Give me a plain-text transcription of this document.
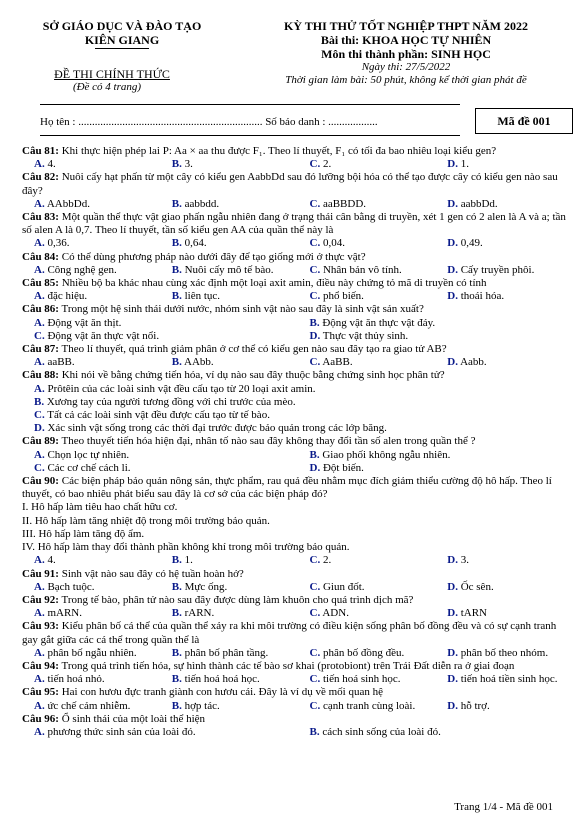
SỞ GIÁO DỤC VÀ ĐÀO TẠO
KIÊN GIANG
ĐỀ THI CHÍNH THỨC
(Đề có 4 trang)
KỲ THI THỬ TỐT NGHIỆP THPT NĂM 2022
Bài thi: KHOA HỌC TỰ NHIÊN
Môn thi thành phần: SINH HỌC
Ngày thi: 27/5/2022
Thời gian làm bài: 50 phút, không kể thời gian phát đề
Họ tên : ................................................................... Số báo danh : ..................	Mã đề 001
Câu 81: Khi thực hiện phép lai P: Aa × aa thu được F₁. Theo lí thuyết, F₁ có tối đa bao nhiêu loại kiểu gen?
A. 4.	B. 3.	C. 2.	D. 1.
Câu 82: Nuôi cấy hạt phấn từ một cây có kiểu gen AabbDd sau đó lưỡng bội hóa có thể tạo được cây có kiểu gen nào sau đây?
A. AAbbDd.	B. aabbdd.	C. aaBBDD.	D. aabbDd.
Câu 83: Một quần thể thực vật giao phấn ngẫu nhiên đang ở trạng thái cân bằng di truyền, xét 1 gen có 2 alen là A và a; tần số alen A là 0,7. Theo lí thuyết, tần số kiểu gen AA của quần thể này là
A. 0,36.	B. 0,64.	C. 0,04.	D. 0,49.
Câu 84: Có thể dùng phương pháp nào dưới đây để tạo giống mới ở thực vật?
A. Công nghệ gen.	B. Nuôi cấy mô tế bào.	C. Nhân bản vô tính.	D. Cấy truyền phôi.
Câu 85: Nhiều bộ ba khác nhau cùng xác định một loại axit amin, điều này chứng tỏ mã di truyền có tính
A. đặc hiệu.	B. liên tục.	C. phổ biến.	D. thoái hóa.
Câu 86: Trong một hệ sinh thái dưới nước, nhóm sinh vật nào sau đây là sinh vật sản xuất?
A. Động vật ăn thịt.	B. Động vật ăn thực vật đáy.
C. Động vật ăn thực vật nổi.	D. Thực vật thủy sinh.
Câu 87: Theo lí thuyết, quá trình giảm phân ở cơ thể có kiểu gen nào sau đây tạo ra giao tử AB?
A. aaBB.	B. AAbb.	C. AaBB.	D. Aabb.
Câu 88: Khi nói về bằng chứng tiến hóa, ví dụ nào sau đây thuộc bằng chứng sinh học phân tử?
A. Prôtêin của các loài sinh vật đều cấu tạo từ 20 loại axit amin.
B. Xương tay của người tương đồng với chi trước của mèo.
C. Tất cả các loài sinh vật đều được cấu tạo từ tế bào.
D. Xác sinh vật sống trong các thời đại trước được bảo quản trong các lớp băng.
Câu 89: Theo thuyết tiến hóa hiện đại, nhân tố nào sau đây không thay đổi tần số alen trong quần thể ?
A. Chọn lọc tự nhiên.	B. Giao phối không ngẫu nhiên.
C. Các cơ chế cách li.	D. Đột biến.
Câu 90: Các biện pháp bảo quản nông sản, thực phẩm, rau quả đều nhằm mục đích giảm thiểu cường độ hô hấp. Theo lí thuyết, có bao nhiêu phát biểu sau đây là cơ sở của các biện pháp đó?
I. Hô hấp làm tiêu hao chất hữu cơ.
II. Hô hấp làm tăng nhiệt độ trong môi trường bảo quản.
III. Hô hấp làm tăng độ ẩm.
IV. Hô hấp làm thay đổi thành phần không khí trong môi trường bảo quản.
A. 4.	B. 1.	C. 2.	D. 3.
Câu 91: Sinh vật nào sau đây có hệ tuần hoàn hở?
A. Bạch tuộc.	B. Mực ống.	C. Giun đốt.	D. Ốc sên.
Câu 92: Trong tế bào, phân tử nào sau đây được dùng làm khuôn cho quá trình dịch mã?
A. mARN.	B. rARN.	C. ADN.	D. tARN
Câu 93: Kiểu phân bố cá thể của quần thể xảy ra khi môi trường có điều kiện sống phân bố đồng đều và có sự cạnh tranh gay gắt giữa các cá thể trong quần thể là
A. phân bố ngẫu nhiên.	B. phân bố phân tầng.	C. phân bố đồng đều.	D. phân bố theo nhóm.
Câu 94: Trong quá trình tiến hóa, sự hình thành các tế bào sơ khai (protobiont) trên Trái Đất diễn ra ở giai đoạn
A. tiến hoá nhỏ.	B. tiến hoá hoá học.	C. tiến hoá sinh học.	D. tiến hoá tiền sinh học.
Câu 95: Hai con hươu đực tranh giành con hươu cái. Đây là ví dụ về mối quan hệ
A. ức chế cảm nhiễm.	B. hợp tác.	C. cạnh tranh cùng loài.	D. hỗ trợ.
Câu 96: Ổ sinh thái của một loài thể hiện
A. phương thức sinh sản của loài đó.	B. cách sinh sống của loài đó.
Trang 1/4 - Mã đề 001
